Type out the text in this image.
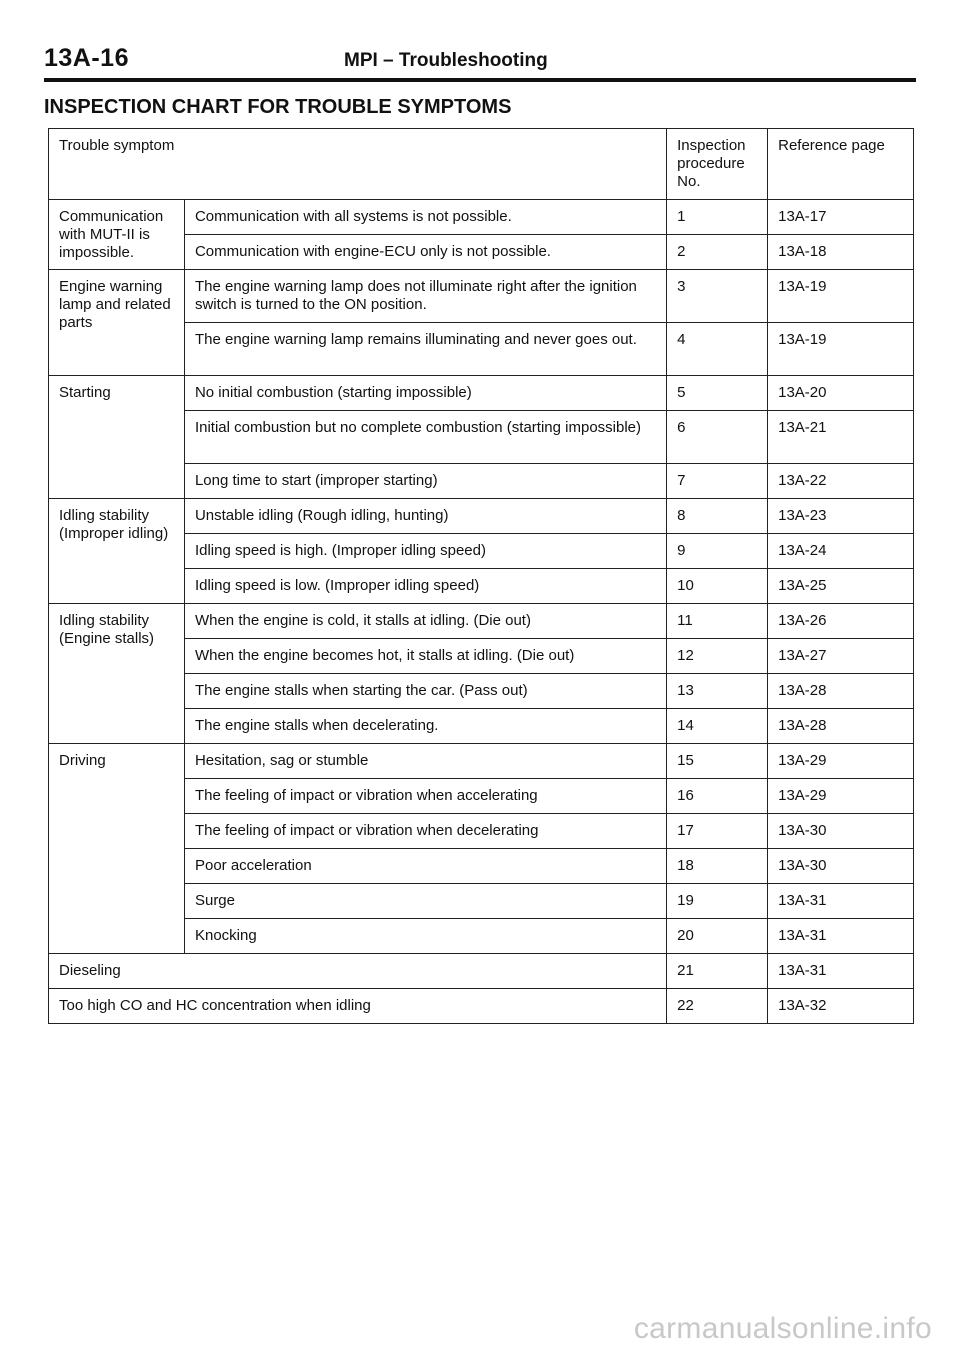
13A-16	MPI – Troubleshooting
INSPECTION CHART FOR TROUBLE SYMPTOMS
Trouble symptom		Inspection procedure No.	Reference page
Communication with MUT-II is impossible.	Communication with all systems is not possible.	1	13A-17
	Communication with engine-ECU only is not possible.	2	13A-18
Engine warning lamp and related parts	The engine warning lamp does not illuminate right after the ignition switch is turned to the ON position.	3	13A-19
	The engine warning lamp remains illuminating and never goes out.	4	13A-19
Starting	No initial combustion (starting impossible)	5	13A-20
	Initial combustion but no complete combustion (starting impossible)	6	13A-21
	Long time to start (improper starting)	7	13A-22
Idling stability (Improper idling)	Unstable idling (Rough idling, hunting)	8	13A-23
	Idling speed is high. (Improper idling speed)	9	13A-24
	Idling speed is low. (Improper idling speed)	10	13A-25
Idling stability (Engine stalls)	When the engine is cold, it stalls at idling. (Die out)	11	13A-26
	When the engine becomes hot, it stalls at idling. (Die out)	12	13A-27
	The engine stalls when starting the car. (Pass out)	13	13A-28
	The engine stalls when decelerating.	14	13A-28
Driving	Hesitation, sag or stumble	15	13A-29
	The feeling of impact or vibration when accelerating	16	13A-29
	The feeling of impact or vibration when decelerating	17	13A-30
	Poor acceleration	18	13A-30
	Surge	19	13A-31
	Knocking	20	13A-31
Dieseling		21	13A-31
Too high CO and HC concentration when idling		22	13A-32
carmanualsonline.info
